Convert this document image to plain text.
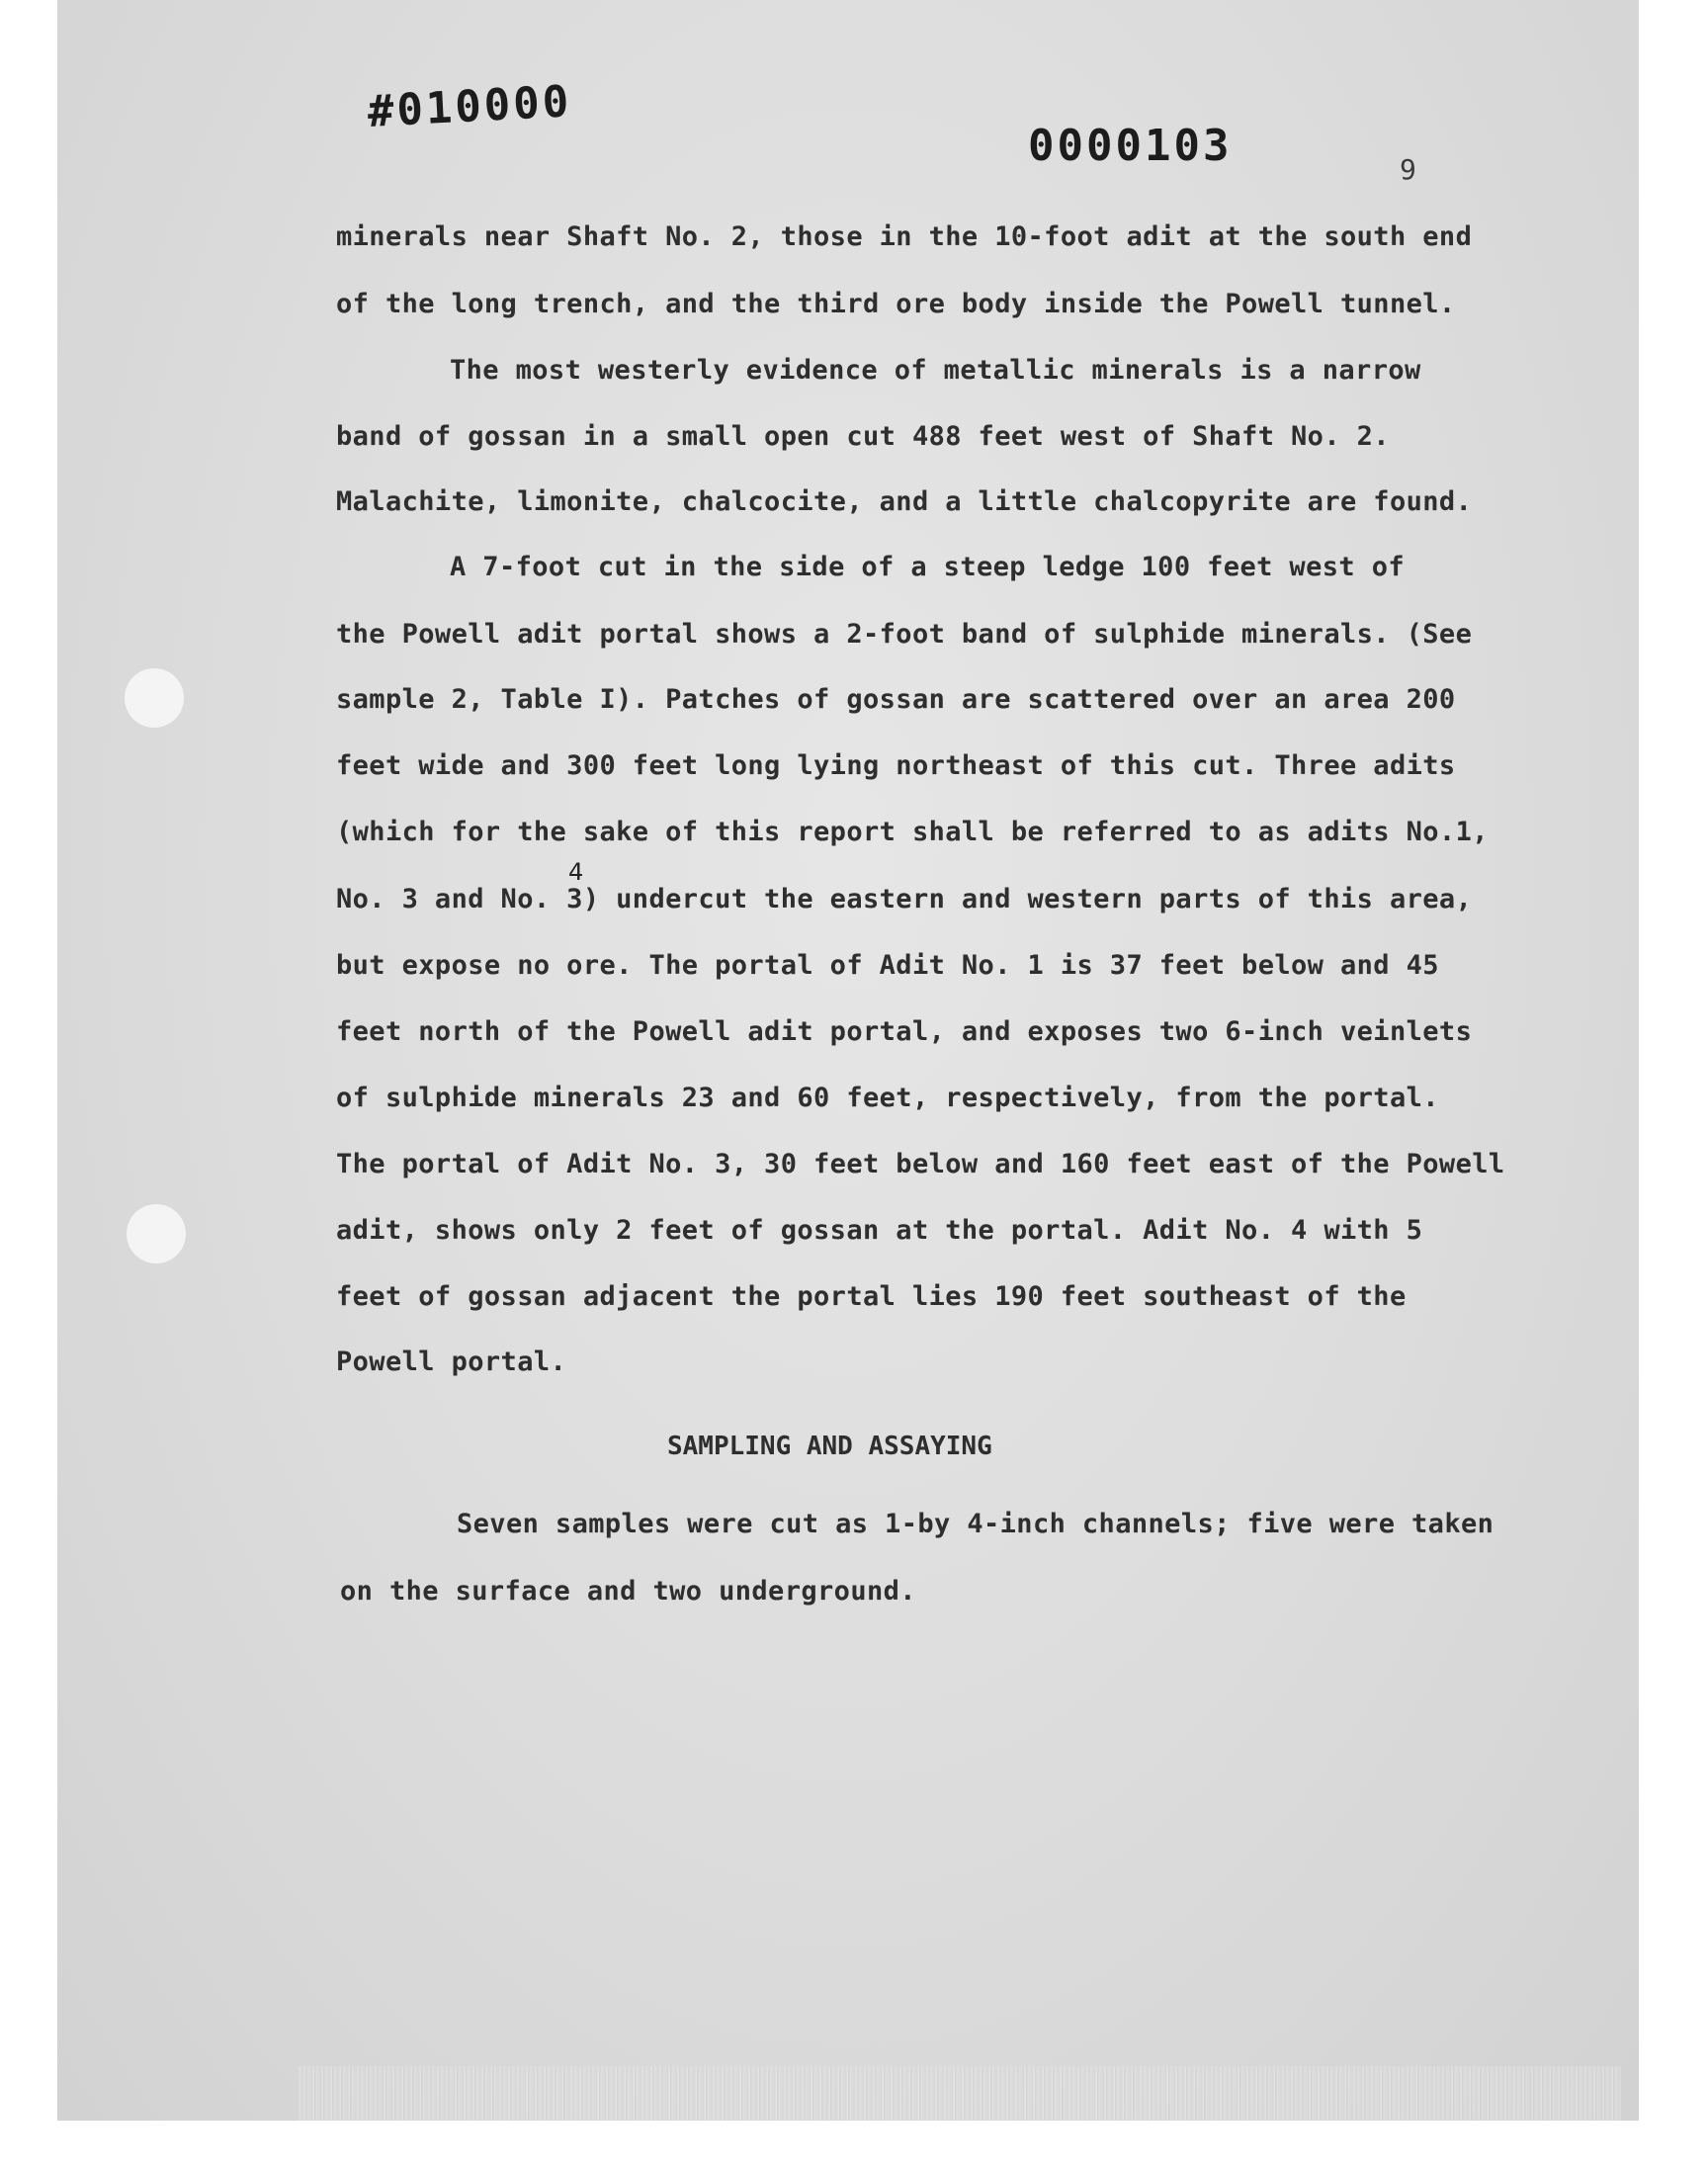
#010000
0000103	9
minerals near Shaft No. 2, those in the 10-foot adit at the south end
of the long trench, and the third ore body inside the Powell tunnel.
The most westerly evidence of metallic minerals is a narrow
band of gossan in a small open cut 488 feet west of Shaft No. 2.
Malachite, limonite, chalcocite, and a little chalcopyrite are found.
A 7-foot cut in the side of a steep ledge 100 feet west of
the Powell adit portal shows a 2-foot band of sulphide minerals. (See
sample 2, Table I). Patches of gossan are scattered over an area 200
feet wide and 300 feet long lying northeast of this cut. Three adits
(which for the sake of this report shall be referred to as adits No.1,
4
No. 3 and No. 3) undercut the eastern and western parts of this area,
but expose no ore. The portal of Adit No. 1 is 37 feet below and 45
feet north of the Powell adit portal, and exposes two 6-inch veinlets
of sulphide minerals 23 and 60 feet, respectively, from the portal.
The portal of Adit No. 3, 30 feet below and 160 feet east of the Powell
adit, shows only 2 feet of gossan at the portal. Adit No. 4 with 5
feet of gossan adjacent the portal lies 190 feet southeast of the
Powell portal.
SAMPLING AND ASSAYING
Seven samples were cut as 1-by 4-inch channels; five were taken
on the surface and two underground.
